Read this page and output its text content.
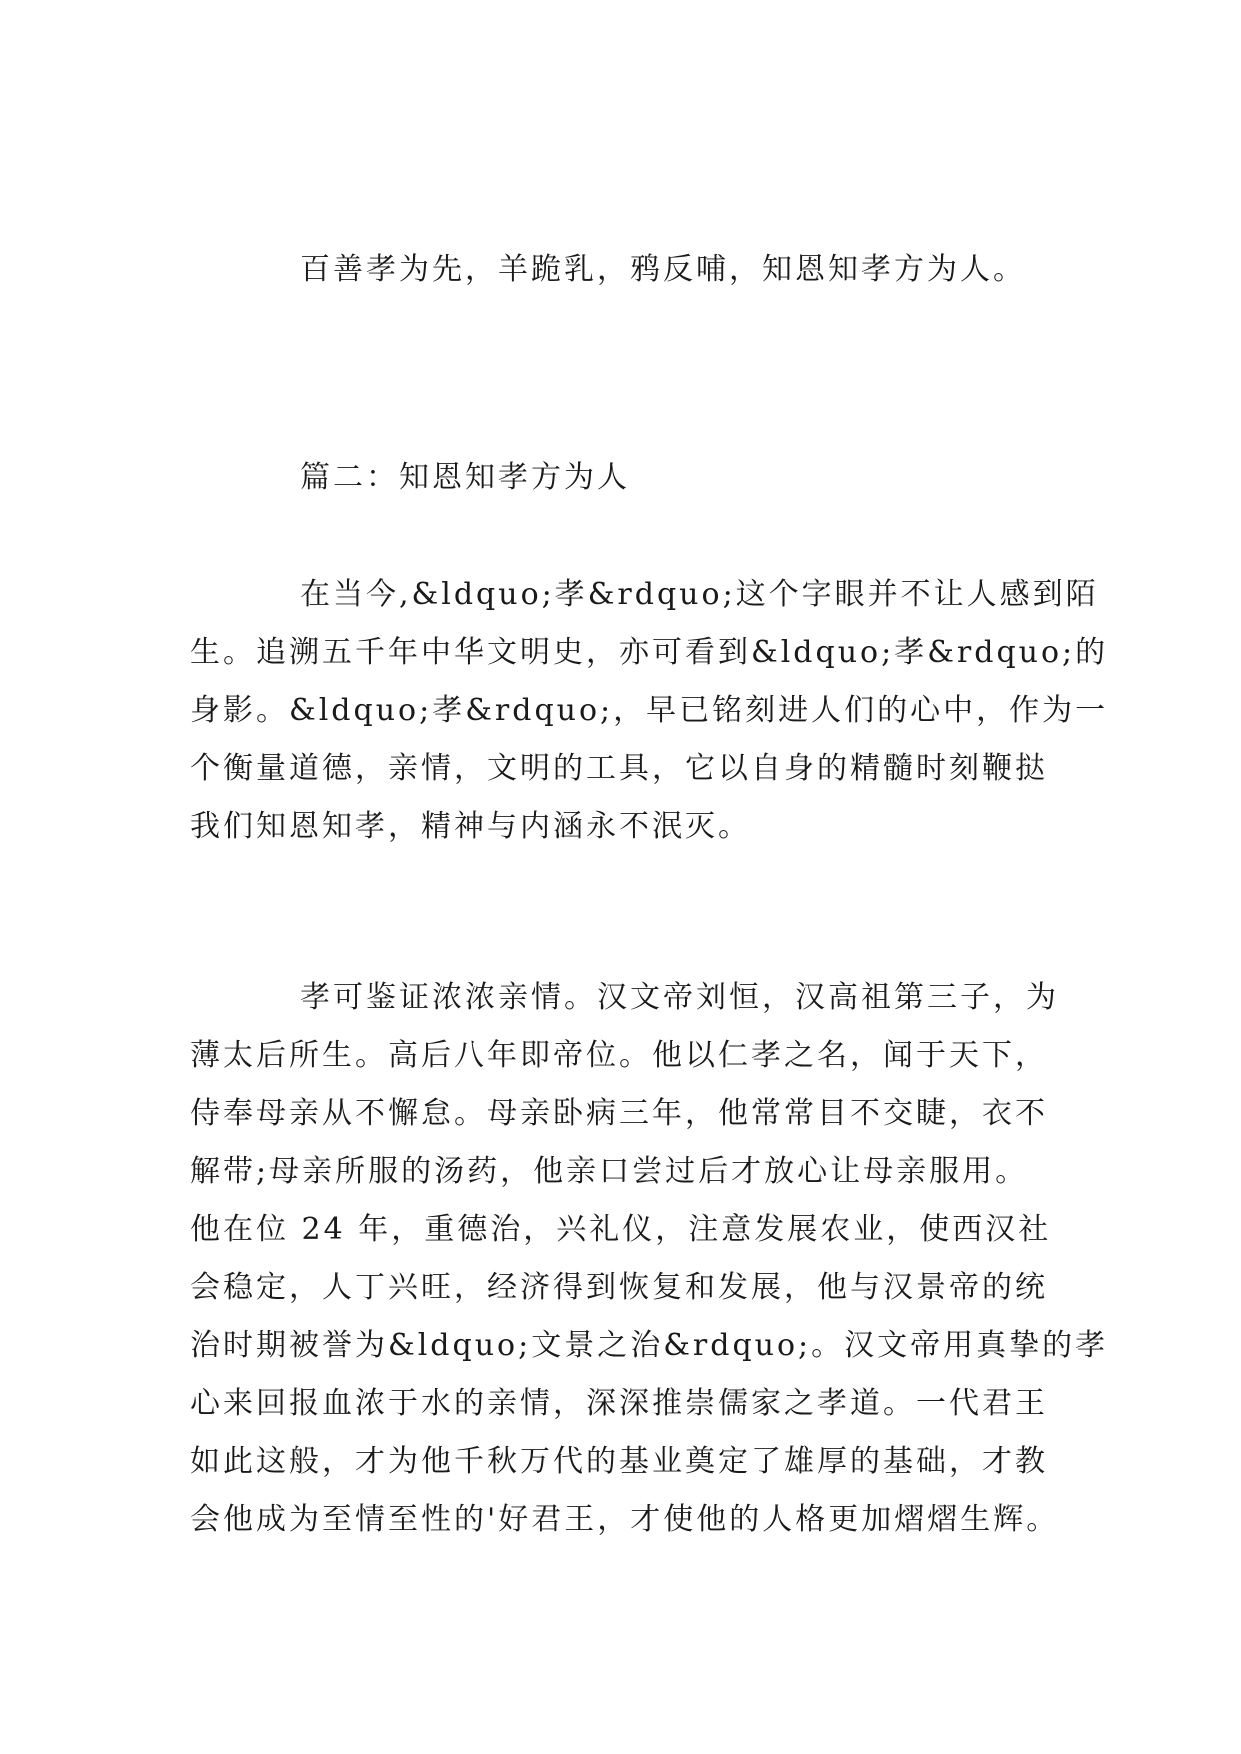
百善孝为先，羊跪乳，鸦反哺，知恩知孝方为人。
篇二：知恩知孝方为人
在当今,&ldquo;孝&rdquo;这个字眼并不让人感到陌
生。追溯五千年中华文明史，亦可看到&ldquo;孝&rdquo;的
身影。&ldquo;孝&rdquo;，早已铭刻进人们的心中，作为一
个衡量道德，亲情，文明的工具，它以自身的精髓时刻鞭挞
我们知恩知孝，精神与内涵永不泯灭。
孝可鉴证浓浓亲情。汉文帝刘恒，汉高祖第三子，为
薄太后所生。高后八年即帝位。他以仁孝之名，闻于天下，
侍奉母亲从不懈怠。母亲卧病三年，他常常目不交睫，衣不
解带;母亲所服的汤药，他亲口尝过后才放心让母亲服用。
他在位 24 年，重德治，兴礼仪，注意发展农业，使西汉社
会稳定，人丁兴旺，经济得到恢复和发展，他与汉景帝的统
治时期被誉为&ldquo;文景之治&rdquo;。汉文帝用真挚的孝
心来回报血浓于水的亲情，深深推崇儒家之孝道。一代君王
如此这般，才为他千秋万代的基业奠定了雄厚的基础，才教
会他成为至情至性的'好君王，才使他的人格更加熠熠生辉。
